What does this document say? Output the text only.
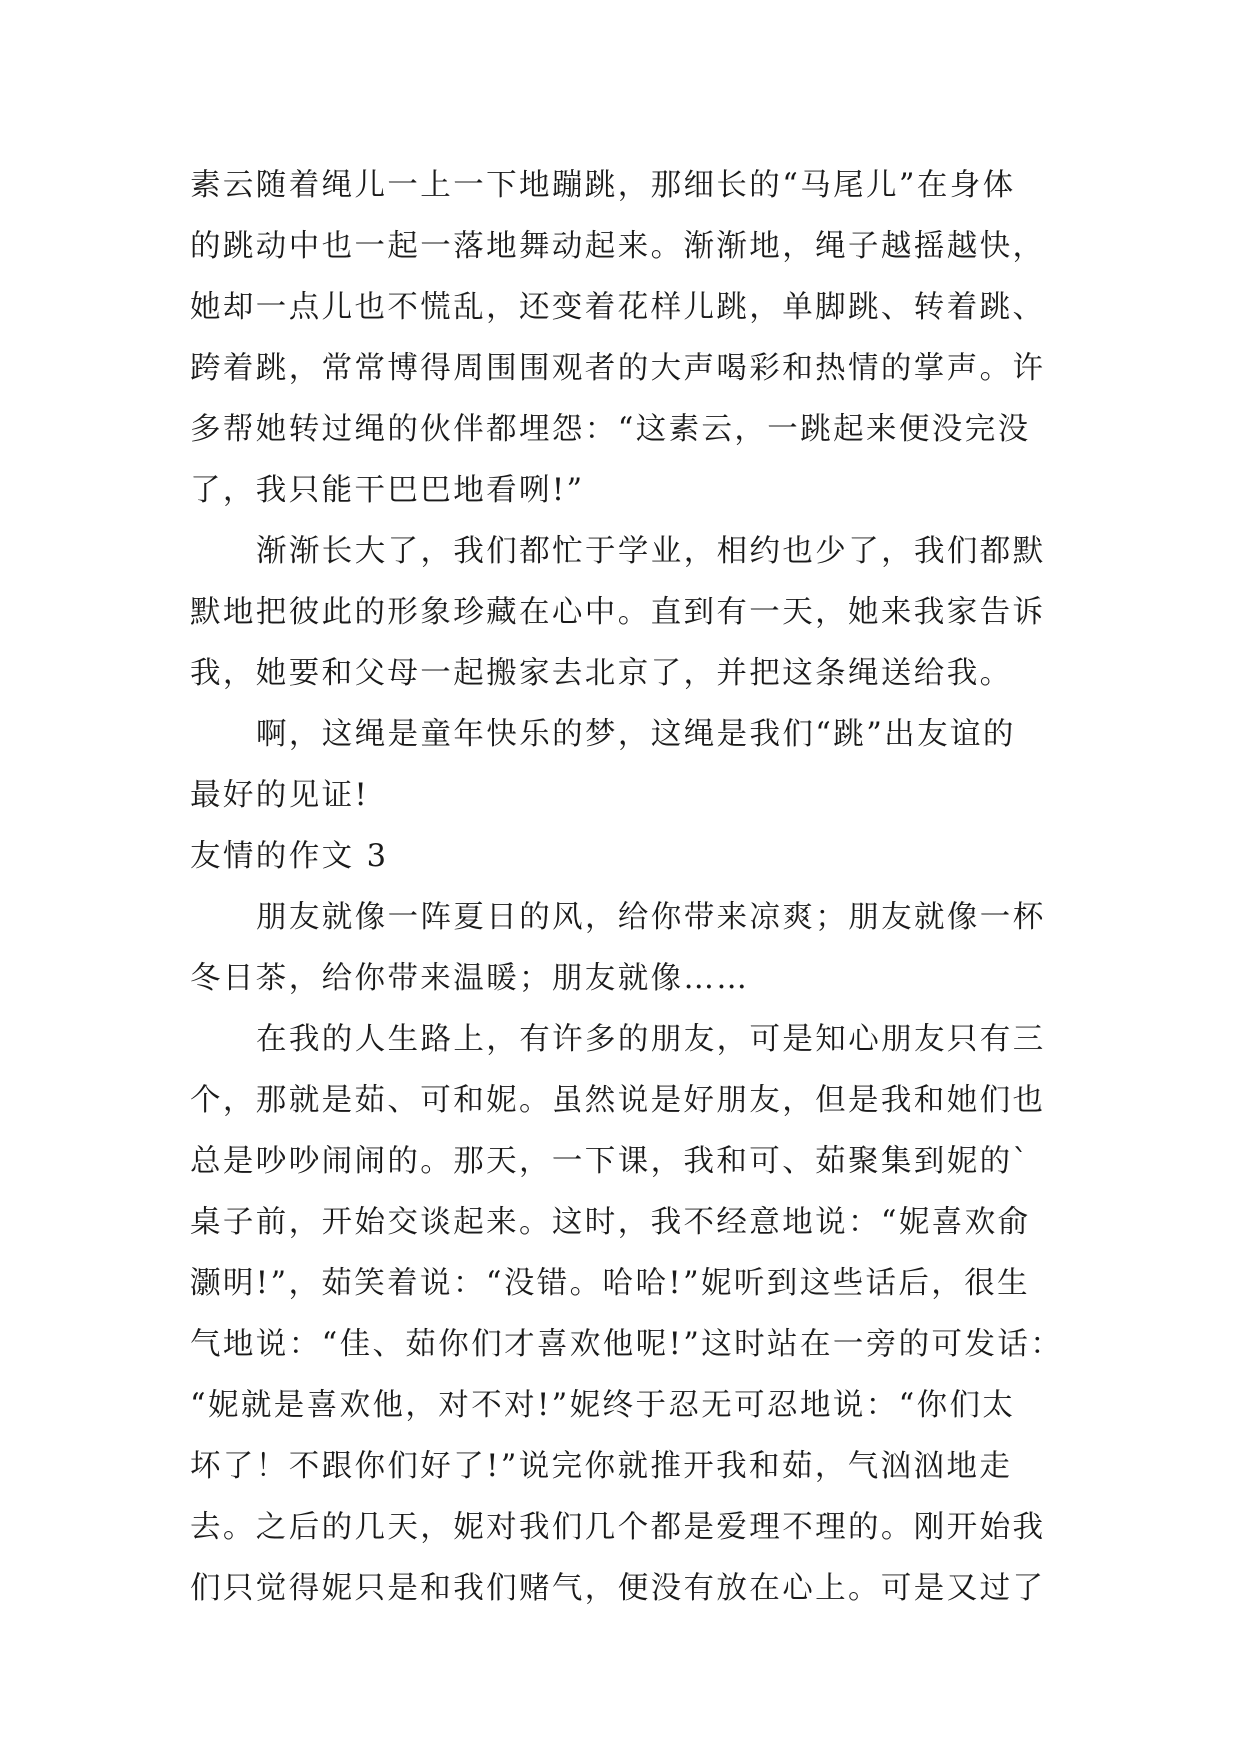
素云随着绳儿一上一下地蹦跳，那细长的“马尾儿”在身体
的跳动中也一起一落地舞动起来。渐渐地，绳子越摇越快，
她却一点儿也不慌乱，还变着花样儿跳，单脚跳、转着跳、
跨着跳，常常博得周围围观者的大声喝彩和热情的掌声。许
多帮她转过绳的伙伴都埋怨：“这素云，一跳起来便没完没
了，我只能干巴巴地看咧!”
渐渐长大了，我们都忙于学业，相约也少了，我们都默
默地把彼此的形象珍藏在心中。直到有一天，她来我家告诉
我，她要和父母一起搬家去北京了，并把这条绳送给我。
啊，这绳是童年快乐的梦，这绳是我们“跳”出友谊的
最好的见证!
友情的作文 3
朋友就像一阵夏日的风，给你带来凉爽；朋友就像一杯
冬日茶，给你带来温暖；朋友就像……
在我的人生路上，有许多的朋友，可是知心朋友只有三
个，那就是茹、可和妮。虽然说是好朋友，但是我和她们也
总是吵吵闹闹的。那天，一下课，我和可、茹聚集到妮的`
桌子前，开始交谈起来。这时，我不经意地说：“妮喜欢俞
灏明!”，茹笑着说：“没错。哈哈!”妮听到这些话后，很生
气地说：“佳、茹你们才喜欢他呢!”这时站在一旁的可发话：
“妮就是喜欢他，对不对!”妮终于忍无可忍地说：“你们太
坏了！不跟你们好了!”说完你就推开我和茹，气汹汹地走
去。之后的几天，妮对我们几个都是爱理不理的。刚开始我
们只觉得妮只是和我们赌气，便没有放在心上。可是又过了
